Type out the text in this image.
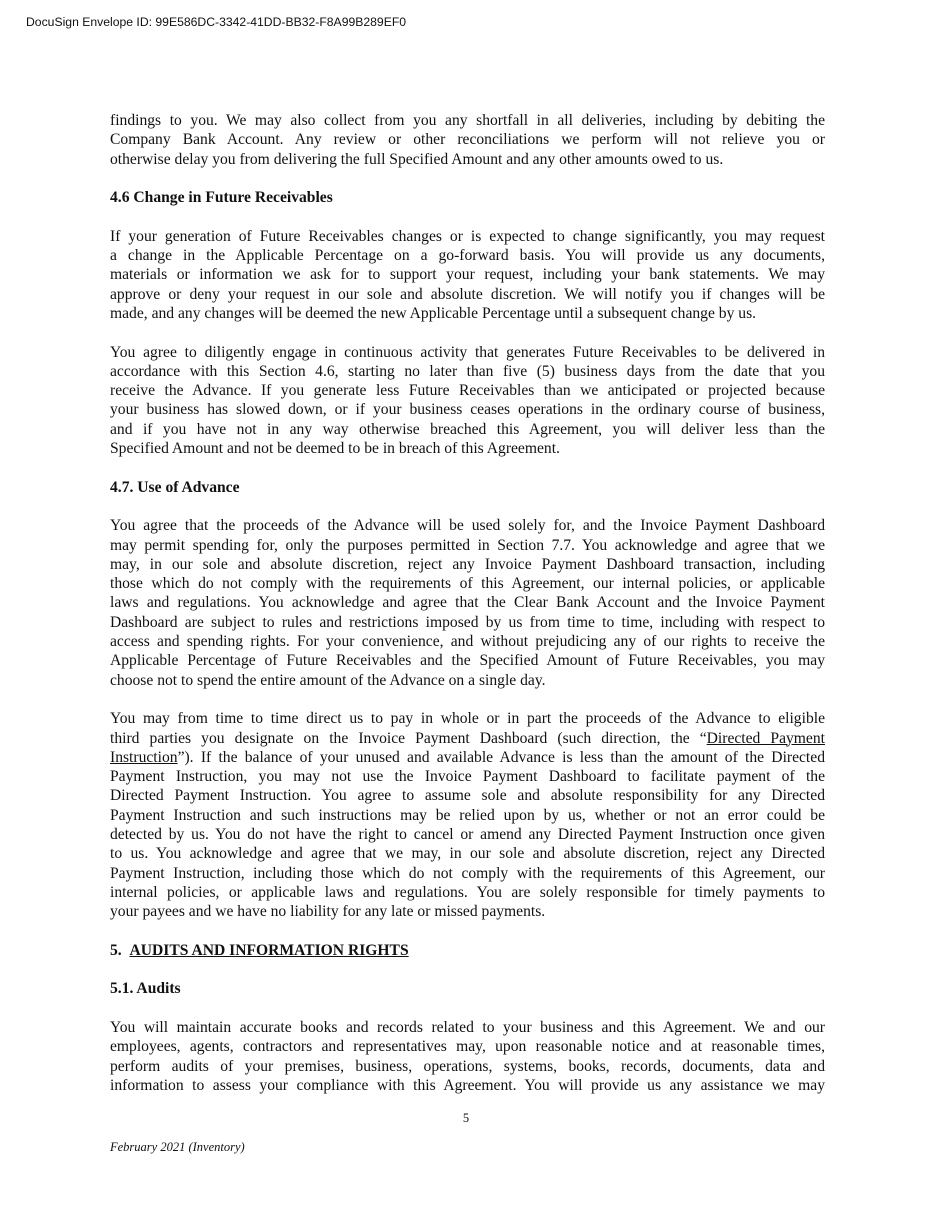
DocuSign Envelope ID: 99E586DC-3342-41DD-BB32-F8A99B289EF0
findings to you. We may also collect from you any shortfall in all deliveries, including by debiting the
Company Bank Account. Any review or other reconciliations we perform will not relieve you or
otherwise delay you from delivering the full Specified Amount and any other amounts owed to us.
4.6 Change in Future Receivables
If your generation of Future Receivables changes or is expected to change significantly, you may request
a change in the Applicable Percentage on a go-forward basis. You will provide us any documents,
materials or information we ask for to support your request, including your bank statements. We may
approve or deny your request in our sole and absolute discretion. We will notify you if changes will be
made, and any changes will be deemed the new Applicable Percentage until a subsequent change by us.
You agree to diligently engage in continuous activity that generates Future Receivables to be delivered in
accordance with this Section 4.6, starting no later than five (5) business days from the date that you
receive the Advance. If you generate less Future Receivables than we anticipated or projected because
your business has slowed down, or if your business ceases operations in the ordinary course of business,
and if you have not in any way otherwise breached this Agreement, you will deliver less than the
Specified Amount and not be deemed to be in breach of this Agreement.
4.7. Use of Advance
You agree that the proceeds of the Advance will be used solely for, and the Invoice Payment Dashboard
may permit spending for, only the purposes permitted in Section 7.7. You acknowledge and agree that we
may, in our sole and absolute discretion, reject any Invoice Payment Dashboard transaction, including
those which do not comply with the requirements of this Agreement, our internal policies, or applicable
laws and regulations. You acknowledge and agree that the Clear Bank Account and the Invoice Payment
Dashboard are subject to rules and restrictions imposed by us from time to time, including with respect to
access and spending rights. For your convenience, and without prejudicing any of our rights to receive the
Applicable Percentage of Future Receivables and the Specified Amount of Future Receivables, you may
choose not to spend the entire amount of the Advance on a single day.
You may from time to time direct us to pay in whole or in part the proceeds of the Advance to eligible
third parties you designate on the Invoice Payment Dashboard (such direction, the “Directed Payment
Instruction”). If the balance of your unused and available Advance is less than the amount of the Directed
Payment Instruction, you may not use the Invoice Payment Dashboard to facilitate payment of the
Directed Payment Instruction. You agree to assume sole and absolute responsibility for any Directed
Payment Instruction and such instructions may be relied upon by us, whether or not an error could be
detected by us. You do not have the right to cancel or amend any Directed Payment Instruction once given
to us. You acknowledge and agree that we may, in our sole and absolute discretion, reject any Directed
Payment Instruction, including those which do not comply with the requirements of this Agreement, our
internal policies, or applicable laws and regulations. You are solely responsible for timely payments to
your payees and we have no liability for any late or missed payments.
5. AUDITS AND INFORMATION RIGHTS
5.1. Audits
You will maintain accurate books and records related to your business and this Agreement. We and our
employees, agents, contractors and representatives may, upon reasonable notice and at reasonable times,
perform audits of your premises, business, operations, systems, books, records, documents, data and
information to assess your compliance with this Agreement. You will provide us any assistance we may
5
February 2021 (Inventory)
